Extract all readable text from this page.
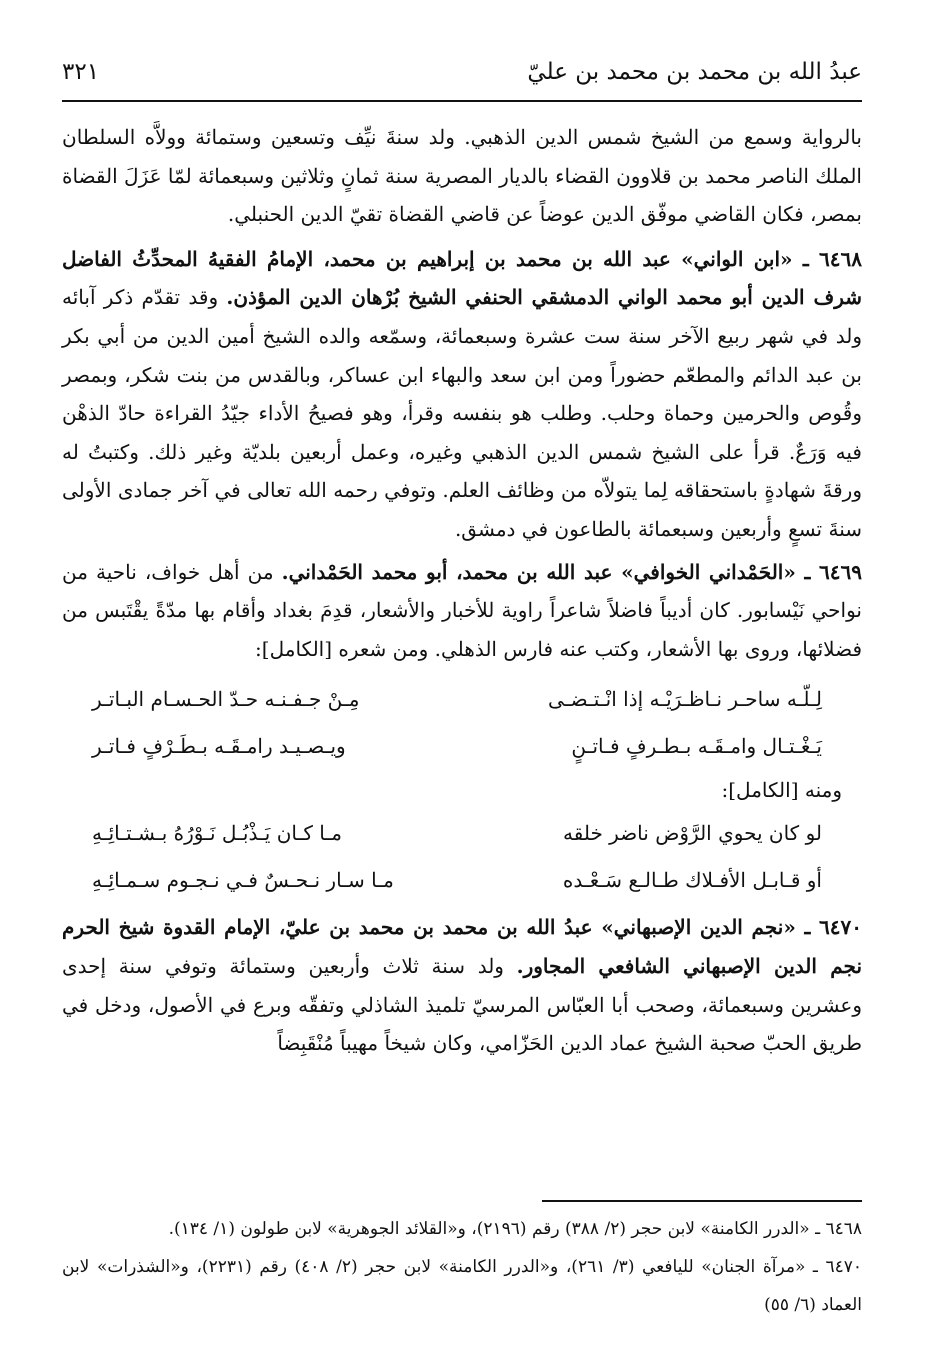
عبدُ الله بن محمد بن محمد بن عليّ
٣٢١

بالرواية وسمع من الشيخ شمس الدين الذهبي. ولد سنةَ نيِّف وتسعين وستمائة وولاَّه السلطان الملك الناصر محمد بن قلاوون القضاء بالديار المصرية سنة ثمانٍ وثلاثين وسبعمائة لمّا عَزَلَ القضاة بمصر، فكان القاضي موفّق الدين عوضاً عن قاضي القضاة تقيّ الدين الحنبلي.

٦٤٦٨ ـ «ابن الواني» عبد الله بن محمد بن إبراهيم بن محمد، الإمامُ الفقيهُ المحدِّثُ الفاضل شرف الدين أبو محمد الواني الدمشقي الحنفي الشيخ بُرْهان الدين المؤذن. وقد تقدّم ذكر آبائه ولد في شهر ربيع الآخر سنة ست عشرة وسبعمائة، وسمّعه والده الشيخ أمين الدين من أبي بكر بن عبد الدائم والمطعّم حضوراً ومن ابن سعد والبهاء ابن عساكر، وبالقدس من بنت شكر، وبمصر وقُوص والحرمين وحماة وحلب. وطلب هو بنفسه وقرأ، وهو فصيحُ الأداء جيّدُ القراءة حادّ الذهْن فيه وَرَعٌ. قرأ على الشيخ شمس الدين الذهبي وغيره، وعمل أربعين بلديّة وغير ذلك. وكتبتُ له ورقةَ شهادةٍ باستحقاقه لِما يتولاّه من وظائف العلم. وتوفي رحمه الله تعالى في آخر جمادى الأولى سنةَ تسعٍ وأربعين وسبعمائة بالطاعون في دمشق.

٦٤٦٩ ـ «الحَمْداني الخوافي» عبد الله بن محمد، أبو محمد الحَمْداني. من أهل خواف، ناحية من نواحي نَيْسابور. كان أديباً فاضلاً شاعراً راوية للأخبار والأشعار، قدِمَ بغداد وأقام بها مدّةً يقْتَبس من فضلائها، وروى بها الأشعار، وكتب عنه فارس الذهلي. ومن شعره [الكامل]:

لِـلّـه ساحـر نـاظـرَيْـه إذا انْـتـضـى
مِـنْ جـفـنـه حـدّ الحـسـام البـاتـر
يَـغْـتـال وامـقَـه بـطـرفٍ فـاتـنٍ
ويـصـيـد رامـقَـه بـطَـرْفٍ فـاتـر
ومنه [الكامل]:
لو كان يحوي الرَّوْض ناضر خلقه
مـا كـان يَـذْبُـل نَـوْرُهُ بـشـتـائِـهِ
أو قـابـل الأفـلاك طـالـع سَـعْـده
مـا سـار نـحـسٌ فـي نـجـوم سـمـائِـهِ

٦٤٧٠ ـ «نجم الدين الإصبهاني» عبدُ الله بن محمد بن محمد بن عليّ، الإمام القدوة شيخ الحرم نجم الدين الإصبهاني الشافعي المجاور. ولد سنة ثلاث وأربعين وستمائة وتوفي سنة إحدى وعشرين وسبعمائة، وصحب أبا العبّاس المرسيّ تلميذ الشاذلي وتفقّه وبرع في الأصول، ودخل في طريق الحبّ صحبة الشيخ عماد الدين الحَزّامي، وكان شيخاً مهيباً مُنْقَبِضاً

٦٤٦٨ ـ «الدرر الكامنة» لابن حجر (٢/ ٣٨٨) رقم (٢١٩٦)، و«القلائد الجوهرية» لابن طولون (١/ ١٣٤).

٦٤٧٠ ـ «مرآة الجنان» لليافعي (٣/ ٢٦١)، و«الدرر الكامنة» لابن حجر (٢/ ٤٠٨) رقم (٢٢٣١)، و«الشذرات» لابن العماد (٦/ ٥٥)
